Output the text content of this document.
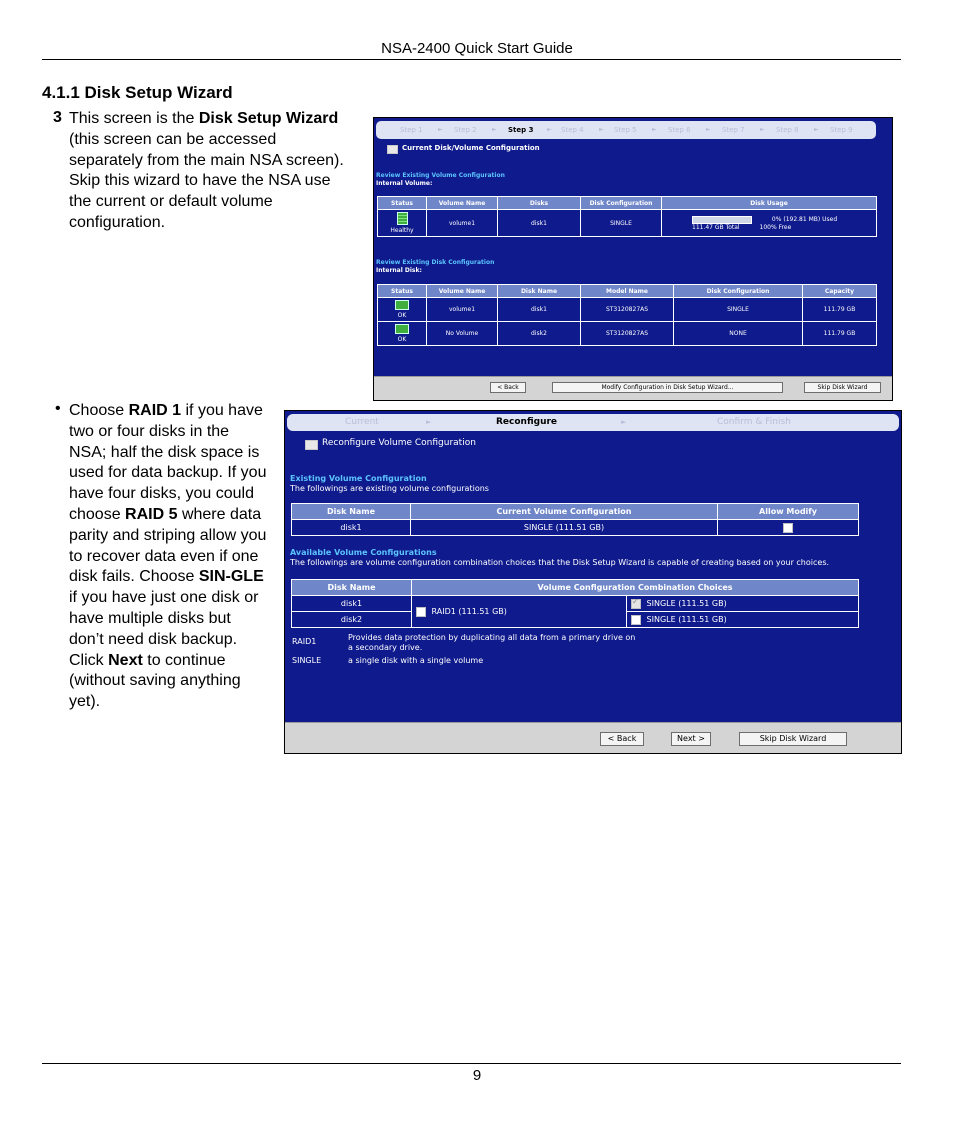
NSA-2400 Quick Start Guide
4.1.1 Disk Setup Wizard
3 This screen is the Disk Setup Wizard (this screen can be accessed separately from the main NSA screen). Skip this wizard to have the NSA use the current or default volume configuration.
• Choose RAID 1 if you have two or four disks in the NSA; half the disk space is used for data backup. If you have four disks, you could choose RAID 5 where data parity and striping allow you to recover data even if one disk fails. Choose SIN-GLE if you have just one disk or have multiple disks but don’t need disk backup. Click Next to continue (without saving anything yet).
Step 1	► Step 2	► Step 3 ► Step 4	► Step 5	► Step 6	► Step 7	► Step 8	► Step 9
Current Disk/Volume Configuration
Review Existing Volume Configuration
Internal Volume:
Status	Volume Name	Disks	Disk Configuration	Disk Usage

Healthy	volume1	disk1	SINGLE	0% (192.81 MB) Used
111.47 GB Total 100% Free
Review Existing Disk Configuration
Internal Disk:
Status	Volume Name	Disk Name	Model Name	Disk Configuration	Capacity

OK	volume1	disk1	ST3120827AS	SINGLE	111.79 GB

OK	No Volume	disk2	ST3120827AS	NONE	111.79 GB
< Back	Modify Configuration in Disk Setup Wizard...	Skip Disk Wizard
Current	►	Reconfigure	►	Confirm & Finish
Reconfigure Volume Configuration
Existing Volume Configuration
The followings are existing volume configurations
Disk Name	Current Volume Configuration	Allow Modify
disk1	SINGLE (111.51 GB)	
Available Volume Configurations
The followings are volume configuration combination choices that the Disk Setup Wizard is capable of creating based on your choices.
Disk Name	Volume Configuration Combination Choices	
disk1	RAID1 (111.51 GB)	✓ SINGLE (111.51 GB)
disk2		SINGLE (111.51 GB)
RAID1	Provides data protection by duplicating all data from a primary drive on
a secondary drive.
SINGLE	a single disk with a single volume
< Back	Next >	Skip Disk Wizard
9
